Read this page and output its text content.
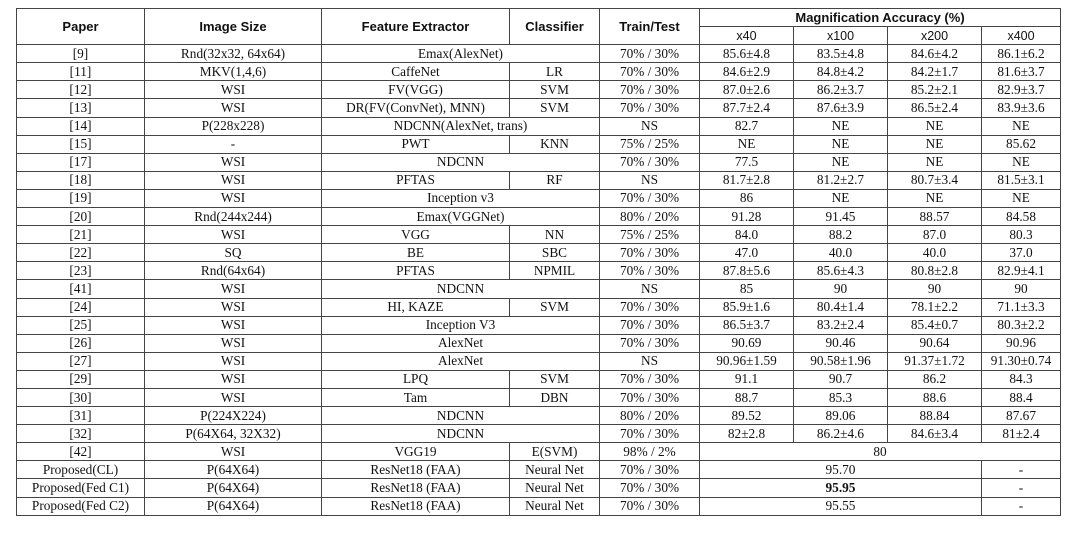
Paper	Image Size	Feature Extractor	Classifier	Train/Test	Magnification Accuracy (%)			
					x40	x100	x200	x400
[9]	Rnd(32x32, 64x64)	Emax(AlexNet)		70% / 30%	85.6±4.8	83.5±4.8	84.6±4.2	86.1±6.2
[11]	MKV(1,4,6)	CaffeNet	LR	70% / 30%	84.6±2.9	84.8±4.2	84.2±1.7	81.6±3.7
[12]	WSI	FV(VGG)	SVM	70% / 30%	87.0±2.6	86.2±3.7	85.2±2.1	82.9±3.7
[13]	WSI	DR(FV(ConvNet), MNN)	SVM	70% / 30%	87.7±2.4	87.6±3.9	86.5±2.4	83.9±3.6
[14]	P(228x228)	NDCNN(AlexNet, trans)		NS	82.7	NE	NE	NE
[15]	-	PWT	KNN	75% / 25%	NE	NE	NE	85.62
[17]	WSI	NDCNN		70% / 30%	77.5	NE	NE	NE
[18]	WSI	PFTAS	RF	NS	81.7±2.8	81.2±2.7	80.7±3.4	81.5±3.1
[19]	WSI	Inception v3		70% / 30%	86	NE	NE	NE
[20]	Rnd(244x244)	Emax(VGGNet)		80% / 20%	91.28	91.45	88.57	84.58
[21]	WSI	VGG	NN	75% / 25%	84.0	88.2	87.0	80.3
[22]	SQ	BE	SBC	70% / 30%	47.0	40.0	40.0	37.0
[23]	Rnd(64x64)	PFTAS	NPMIL	70% / 30%	87.8±5.6	85.6±4.3	80.8±2.8	82.9±4.1
[41]	WSI	NDCNN		NS	85	90	90	90
[24]	WSI	HI, KAZE	SVM	70% / 30%	85.9±1.6	80.4±1.4	78.1±2.2	71.1±3.3
[25]	WSI	Inception V3		70% / 30%	86.5±3.7	83.2±2.4	85.4±0.7	80.3±2.2
[26]	WSI	AlexNet		70% / 30%	90.69	90.46	90.64	90.96
[27]	WSI	AlexNet		NS	90.96±1.59	90.58±1.96	91.37±1.72	91.30±0.74
[29]	WSI	LPQ	SVM	70% / 30%	91.1	90.7	86.2	84.3
[30]	WSI	Tam	DBN	70% / 30%	88.7	85.3	88.6	88.4
[31]	P(224X224)	NDCNN		80% / 20%	89.52	89.06	88.84	87.67
[32]	P(64X64, 32X32)	NDCNN		70% / 30%	82±2.8	86.2±4.6	84.6±3.4	81±2.4
[42]	WSI	VGG19	E(SVM)	98% / 2%	80			
Proposed(CL)	P(64X64)	ResNet18 (FAA)	Neural Net	70% / 30%	95.70			-
Proposed(Fed C1)	P(64X64)	ResNet18 (FAA)	Neural Net	70% / 30%	95.95			-
Proposed(Fed C2)	P(64X64)	ResNet18 (FAA)	Neural Net	70% / 30%	95.55			-
